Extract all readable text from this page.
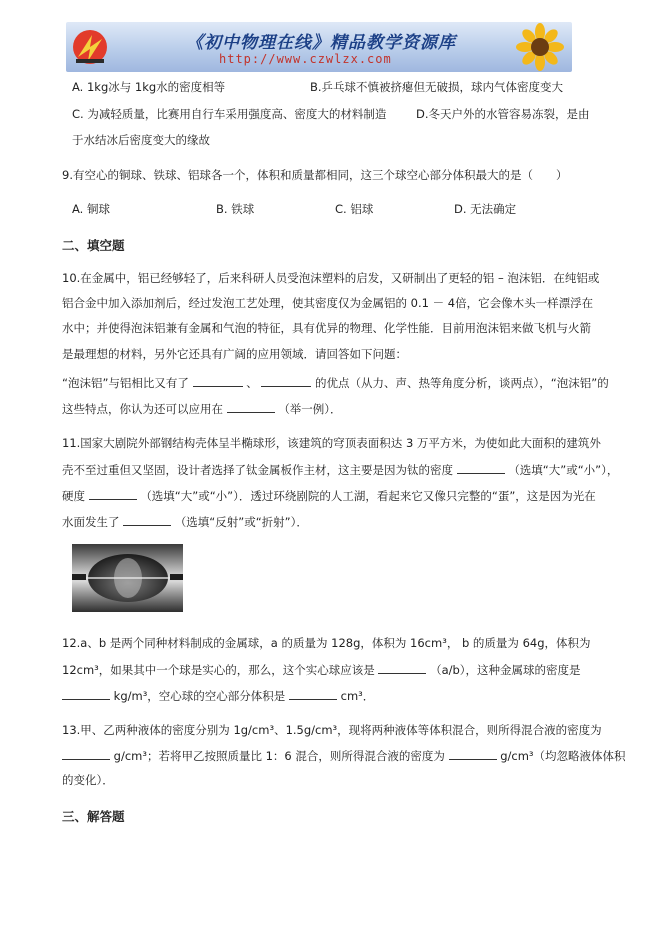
《初中物理在线》精品教学资源库
http://www.czwlzx.com
A. 1kg冰与 1kg水的密度相等	B.乒乓球不慎被挤瘪但无破损，球内气体密度变大
C. 为减轻质量，比赛用自行车采用强度高、密度大的材料制造	D.冬天户外的水管容易冻裂，是由
于水结冰后密度变大的缘故
9.有空心的铜球、铁球、铝球各一个，体积和质量都相同，这三个球空心部分体积最大的是（　　）
A. 铜球	B. 铁球	C. 铝球	D. 无法确定
二、填空题
10.在金属中，铝已经够轻了，后来科研人员受泡沫塑料的启发，又研制出了更轻的铝 – 泡沫铝．在纯铝或
铝合金中加入添加剂后，经过发泡工艺处理，使其密度仅为金属铝的 0.1 － 4倍，它会像木头一样漂浮在
水中；并使得泡沫铝兼有金属和气泡的特征，具有优异的物理、化学性能．目前用泡沫铝来做飞机与火箭
是最理想的材料，另外它还具有广阔的应用领域．请回答如下问题：
“泡沫铝”与铝相比又有了	、	的优点（从力、声、热等角度分析，谈两点），“泡沫铝”的
这些特点，你认为还可以应用在	（举一例）．
11.国家大剧院外部钢结构壳体呈半椭球形，该建筑的穹顶表面积达 3 万平方米，为使如此大面积的建筑外
壳不至过重但又坚固，设计者选择了钛金属板作主材，这主要是因为钛的密度	（选填“大”或“小”），
硬度	（选填“大”或“小”）．透过环绕剧院的人工湖，看起来它又像只完整的“蛋”，这是因为光在
水面发生了	（选填“反射”或“折射”）．
12.a、b 是两个同种材料制成的金属球，a 的质量为 128g，体积为 16cm³， b 的质量为 64g，体积为
12cm³，如果其中一个球是实心的，那么，这个实心球应该是	（a/b），这种金属球的密度是
kg/m³，空心球的空心部分体积是	cm³．
13.甲、乙两种液体的密度分别为 1g/cm³、1.5g/cm³，现将两种液体等体积混合，则所得混合液的密度为
g/cm³；若将甲乙按照质量比 1：6 混合，则所得混合液的密度为	g/cm³（均忽略液体体积
的变化）．
三、解答题
